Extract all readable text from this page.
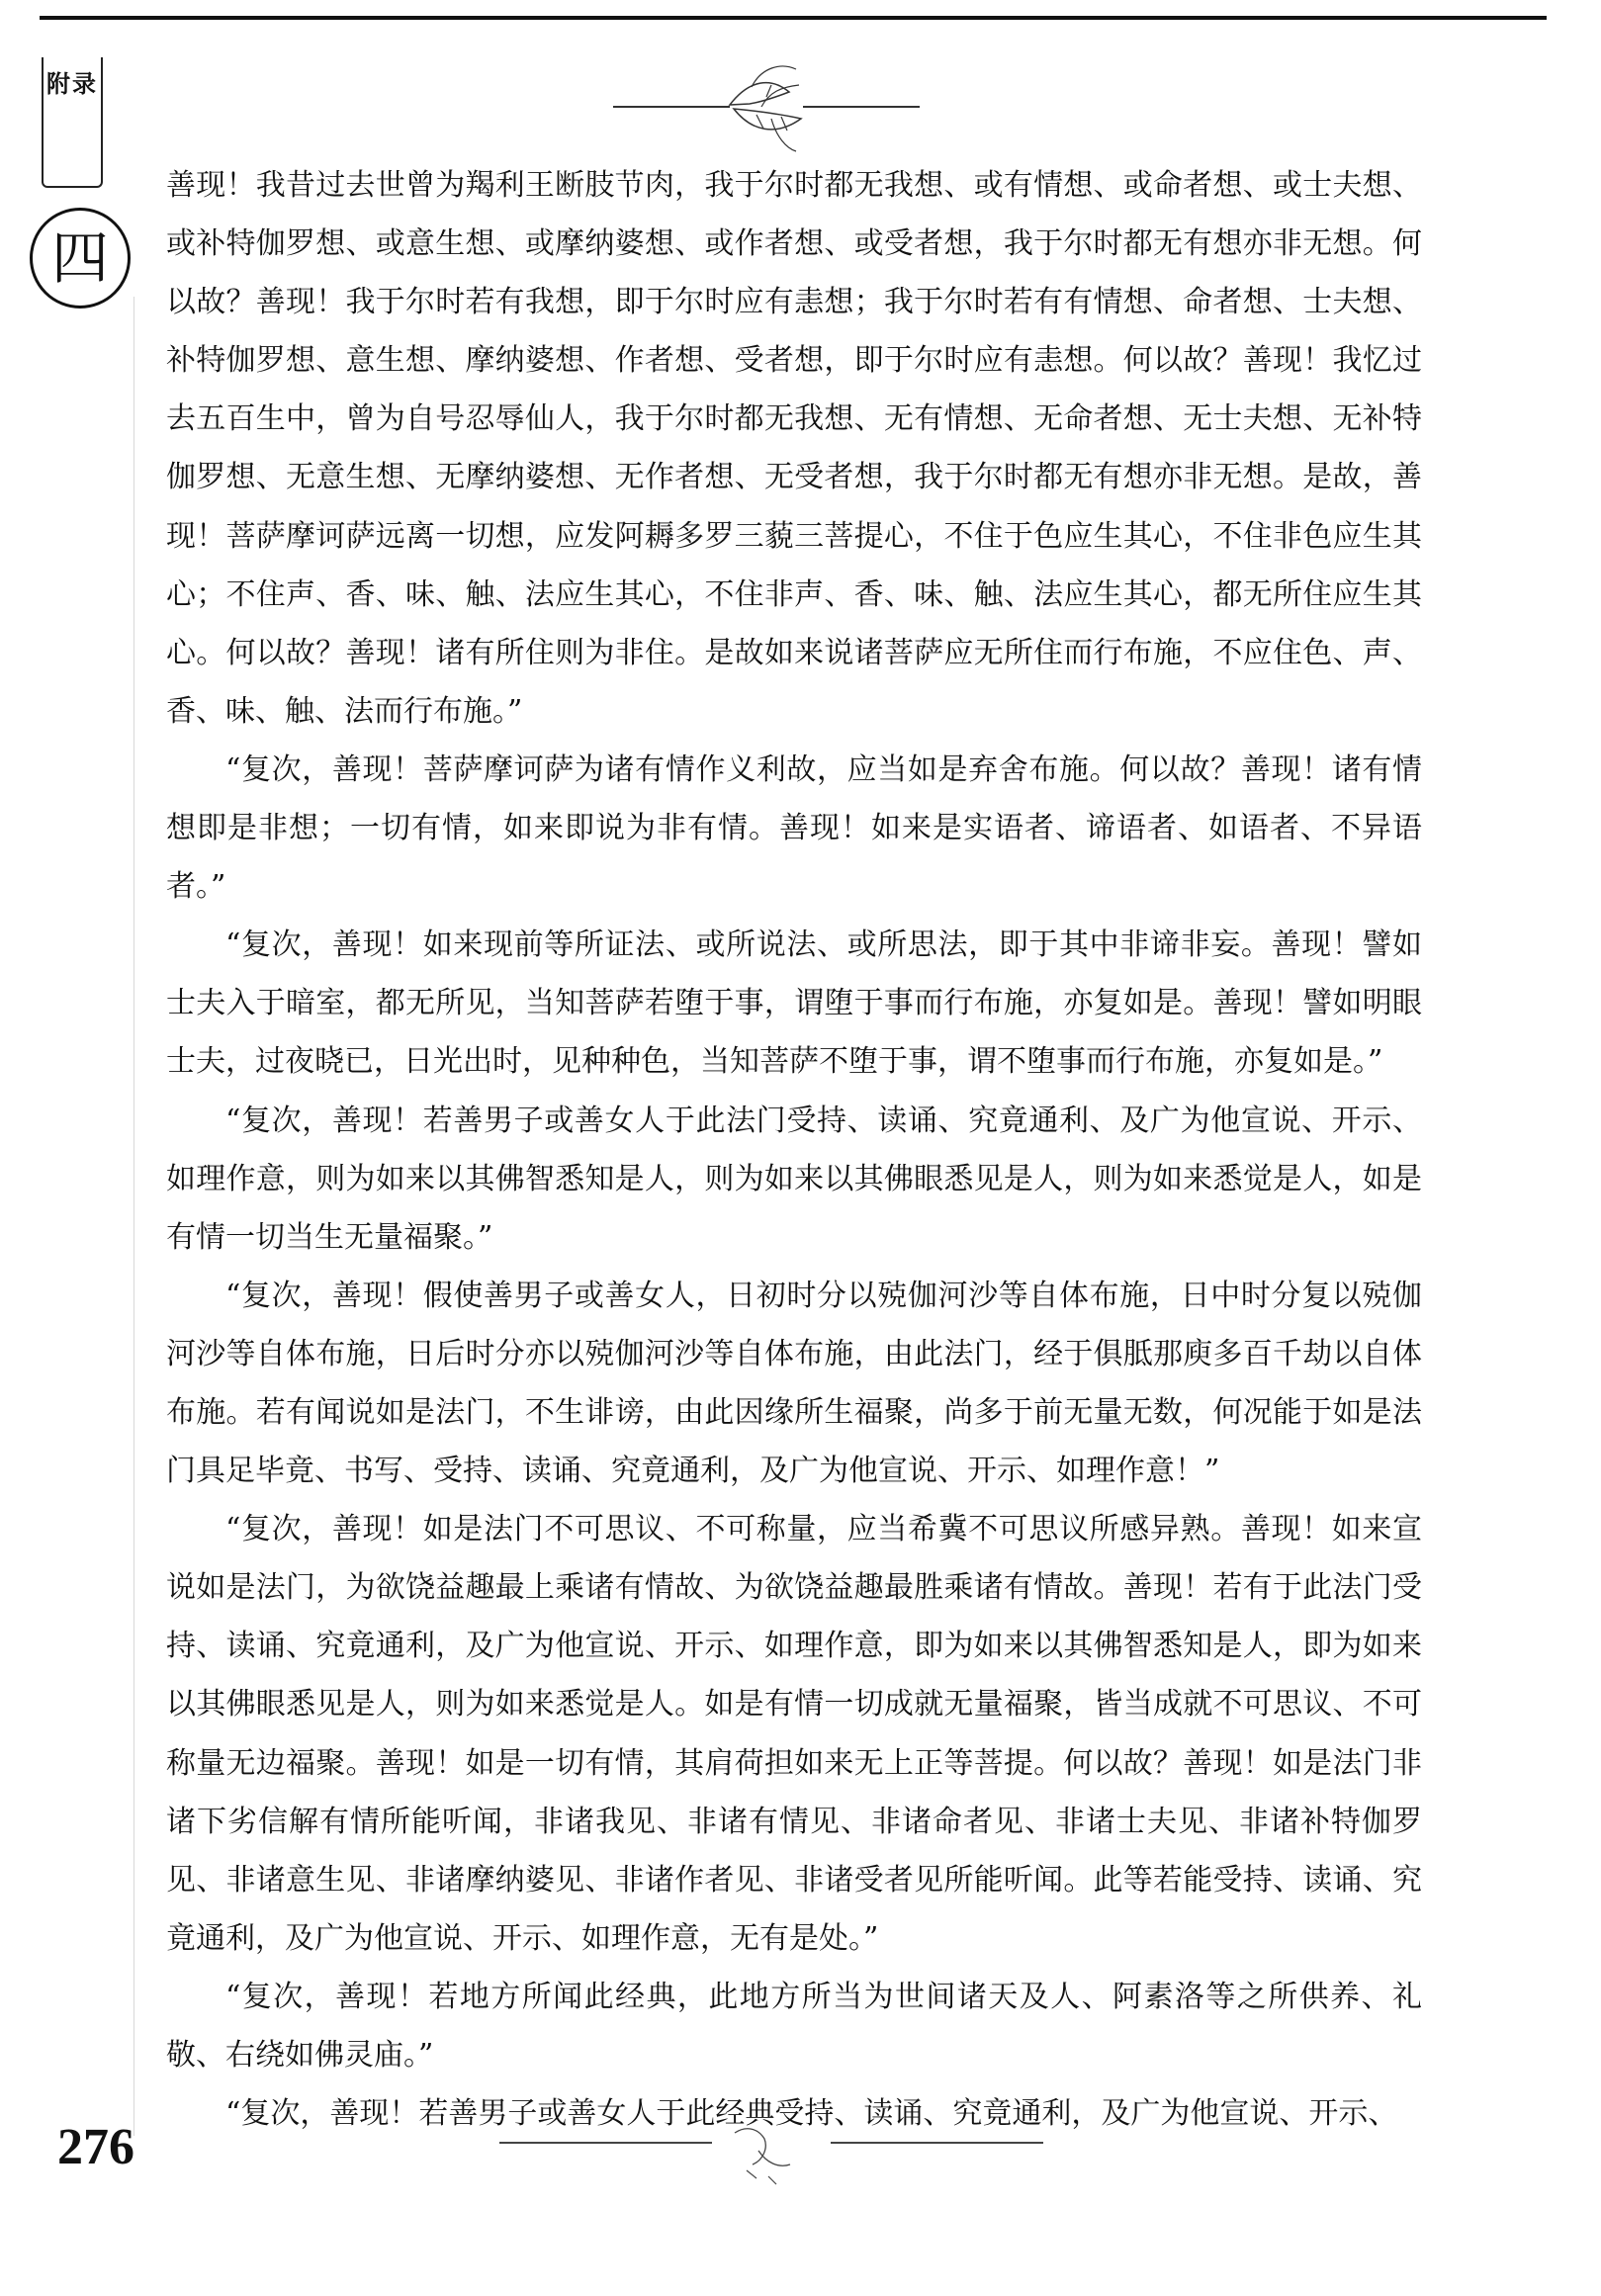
附录
四

善现！我昔过去世曾为羯利王断肢节肉，我于尔时都无我想、或有情想、或命者想、或士夫想、或补特伽罗想、或意生想、或摩纳婆想、或作者想、或受者想，我于尔时都无有想亦非无想。何以故？善现！我于尔时若有我想，即于尔时应有恚想；我于尔时若有有情想、命者想、士夫想、补特伽罗想、意生想、摩纳婆想、作者想、受者想，即于尔时应有恚想。何以故？善现！我忆过去五百生中，曾为自号忍辱仙人，我于尔时都无我想、无有情想、无命者想、无士夫想、无补特伽罗想、无意生想、无摩纳婆想、无作者想、无受者想，我于尔时都无有想亦非无想。是故，善现！菩萨摩诃萨远离一切想，应发阿耨多罗三藐三菩提心，不住于色应生其心，不住非色应生其心；不住声、香、味、触、法应生其心，不住非声、香、味、触、法应生其心，都无所住应生其心。何以故？善现！诸有所住则为非住。是故如来说诸菩萨应无所住而行布施，不应住色、声、香、味、触、法而行布施。”

“复次，善现！菩萨摩诃萨为诸有情作义利故，应当如是弃舍布施。何以故？善现！诸有情想即是非想；一切有情，如来即说为非有情。善现！如来是实语者、谛语者、如语者、不异语者。”

“复次，善现！如来现前等所证法、或所说法、或所思法，即于其中非谛非妄。善现！譬如士夫入于暗室，都无所见，当知菩萨若堕于事，谓堕于事而行布施，亦复如是。善现！譬如明眼士夫，过夜晓已，日光出时，见种种色，当知菩萨不堕于事，谓不堕事而行布施，亦复如是。”

“复次，善现！若善男子或善女人于此法门受持、读诵、究竟通利、及广为他宣说、开示、如理作意，则为如来以其佛智悉知是人，则为如来以其佛眼悉见是人，则为如来悉觉是人，如是有情一切当生无量福聚。”

“复次，善现！假使善男子或善女人，日初时分以殑伽河沙等自体布施，日中时分复以殑伽河沙等自体布施，日后时分亦以殑伽河沙等自体布施，由此法门，经于俱胝那庾多百千劫以自体布施。若有闻说如是法门，不生诽谤，由此因缘所生福聚，尚多于前无量无数，何况能于如是法门具足毕竟、书写、受持、读诵、究竟通利，及广为他宣说、开示、如理作意！”

“复次，善现！如是法门不可思议、不可称量，应当希冀不可思议所感异熟。善现！如来宣说如是法门，为欲饶益趣最上乘诸有情故、为欲饶益趣最胜乘诸有情故。善现！若有于此法门受持、读诵、究竟通利，及广为他宣说、开示、如理作意，即为如来以其佛智悉知是人，即为如来以其佛眼悉见是人，则为如来悉觉是人。如是有情一切成就无量福聚，皆当成就不可思议、不可称量无边福聚。善现！如是一切有情，其肩荷担如来无上正等菩提。何以故？善现！如是法门非诸下劣信解有情所能听闻，非诸我见、非诸有情见、非诸命者见、非诸士夫见、非诸补特伽罗见、非诸意生见、非诸摩纳婆见、非诸作者见、非诸受者见所能听闻。此等若能受持、读诵、究竟通利，及广为他宣说、开示、如理作意，无有是处。”

“复次，善现！若地方所闻此经典，此地方所当为世间诸天及人、阿素洛等之所供养、礼敬、右绕如佛灵庙。”

“复次，善现！若善男子或善女人于此经典受持、读诵、究竟通利，及广为他宣说、开示、

276
